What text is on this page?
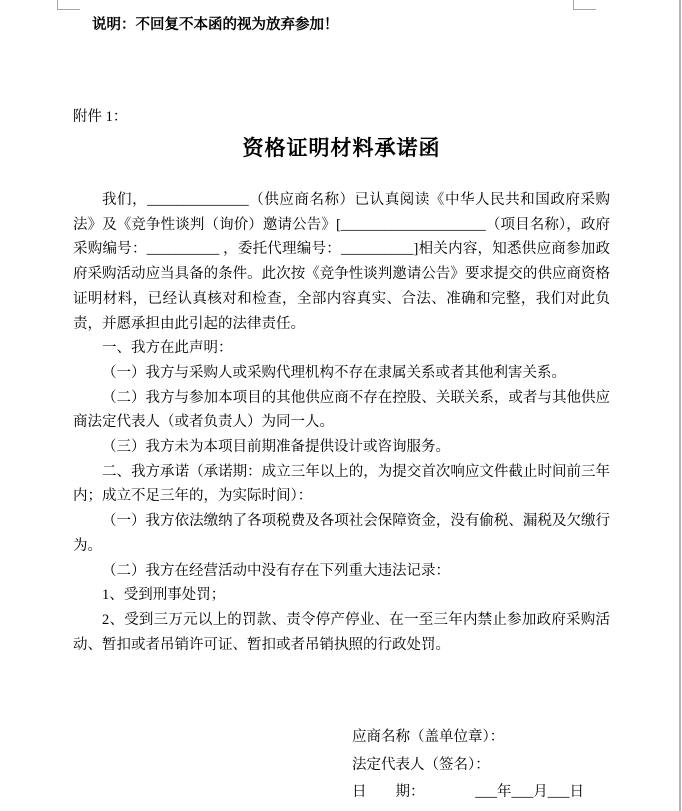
说明：不回复不本函的视为放弃参加！
附件 1：
资格证明材料承诺函

我们，______________（供应商名称）已认真阅读《中华人民共和国政府采购法》及《竞争性谈判（询价）邀请公告》[____________________（项目名称），政府采购编号：__________ ，委托代理编号：__________]相关内容，知悉供应商参加政府采购活动应当具备的条件。此次按《竞争性谈判邀请公告》要求提交的供应商资格证明材料，已经认真核对和检查，全部内容真实、合法、准确和完整，我们对此负责，并愿承担由此引起的法律责任。

一、我方在此声明：

（一）我方与采购人或采购代理机构不存在隶属关系或者其他利害关系。

（二）我方与参加本项目的其他供应商不存在控股、关联关系，或者与其他供应商法定代表人（或者负责人）为同一人。

（三）我方未为本项目前期准备提供设计或咨询服务。

二、我方承诺（承诺期：成立三年以上的，为提交首次响应文件截止时间前三年内；成立不足三年的，为实际时间）：

（一）我方依法缴纳了各项税费及各项社会保障资金，没有偷税、漏税及欠缴行为。

（二）我方在经营活动中没有存在下列重大违法记录：

1、受到刑事处罚；

2、受到三万元以上的罚款、责令停产停业、在一至三年内禁止参加政府采购活动、暂扣或者吊销许可证、暂扣或者吊销执照的行政处罚。

应商名称（盖单位章）：
法定代表人（签名）：
日　　期：　　　　___年___月___日
